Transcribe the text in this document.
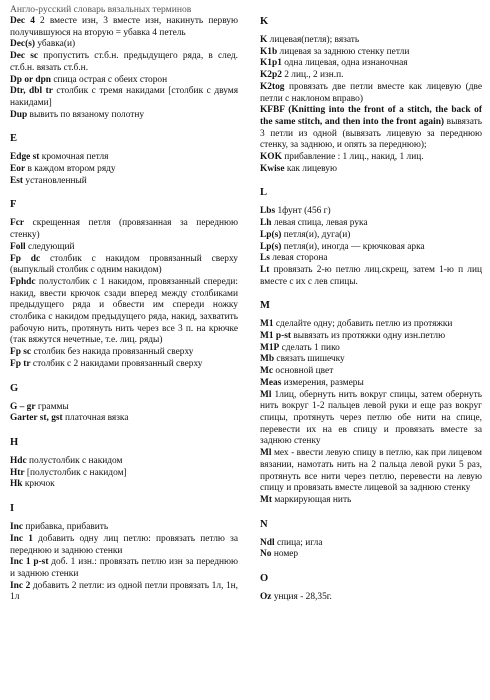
Англо-русский словарь вязальных терминов

Dec 4 2 вместе изн, 3 вместе изн, накинуть первую получившуюся на вторую = убавка 4 петель

Dec(s) убавка(и)

Dec sc пропустить ст.б.н. предыдущего ряда, в след. ст.б.н. вязать ст.б.н.

Dp or dpn спица острая с обеих сторон

Dtr, dbl tr столбик с тремя накидами [столбик с двумя накидами]

Dup вывить по вязаному полотну

E

Edge st кромочная петля

Eor в каждом втором ряду

Est установленный

F

Fcr скрещенная петля (провязанная за переднюю стенку)

Foll следующий

Fp dc столбик с накидом провязанный сверху (выпуклый столбик с одним накидом)

Fphdc полустолбик с 1 накидом, провязанный спереди: накид, ввести крючок сзади вперед между столбиками предыдущего ряда и обвести им спереди ножку столбика с накидом предыдущего ряда, накид, захватить рабочую нить, протянуть нить через все 3 п. на крючке (так вяжутся нечетные, т.е. лиц. ряды)

Fp sc столбик без накида провязанный сверху

Fp tr столбик с 2 накидами провязанный сверху

G

G – gr граммы

Garter st, gst платочная вязка

H

Hdc полустолбик с накидом

Htr [полустолбик с накидом]

Hk крючок

I

Inc прибавка, прибавить

Inc 1 добавить одну лиц петлю: провязать петлю за переднюю и заднюю стенки

Inc 1 p-st доб. 1 изн.: провязать петлю изн за переднюю и заднюю стенки

Inc 2 добавить 2 петли: из одной петли провязать 1л, 1н, 1л

K

K лицевая(петля); вязать

K1b лицевая за заднюю стенку петли

K1p1 одна лицевая, одна изнаночная

K2p2 2 лиц., 2 изн.п.

K2tog провязать две петли вместе как лицевую (две петли с наклоном вправо)

KFBF (Knitting into the front of a stitch, the back of the same stitch, and then into the front again) вывязать 3 петли из одной (вывязать лицевую за переднюю стенку, за заднюю, и опять за переднюю);

KOK прибавление : 1 лиц., накид, 1 лиц.

Kwise как лицевую

L

Lbs 1фунт (456 г)

Lh левая спица, левая рука

Lp(s) петля(и), дуга(и)

Lp(s) петля(и), иногда — крючковая арка

Ls левая сторона

Lt провязать 2-ю петлю лиц.скрещ, затем 1-ю п лиц вместе с их с лев спицы.

M

M1 сделайте одну; добавить петлю из протяжки

M1 p-st вывязать из протяжки одну изн.петлю

M1P сделать 1 пико

Mb связать шишечку

Mc основной цвет

Meas измерения, размеры

Ml 1лиц, обернуть нить вокруг спицы, затем обернуть нить вокруг 1-2 пальцев левой руки и еще раз вокруг спицы, протянуть через петлю обе нити на спице, перевести их на ев спицу и провязать вместе за заднюю стенку

Ml мех - ввести левую спицу в петлю, как при лицевом вязании, намотать нить на 2 пальца левой руки 5 раз, протянуть все нити через петлю, перевести на левую спицу и провязать вместе лицевой за заднюю стенку

Mt маркирующая нить

N

Ndl спица; игла

No номер

O

Oz унция - 28,35г.
